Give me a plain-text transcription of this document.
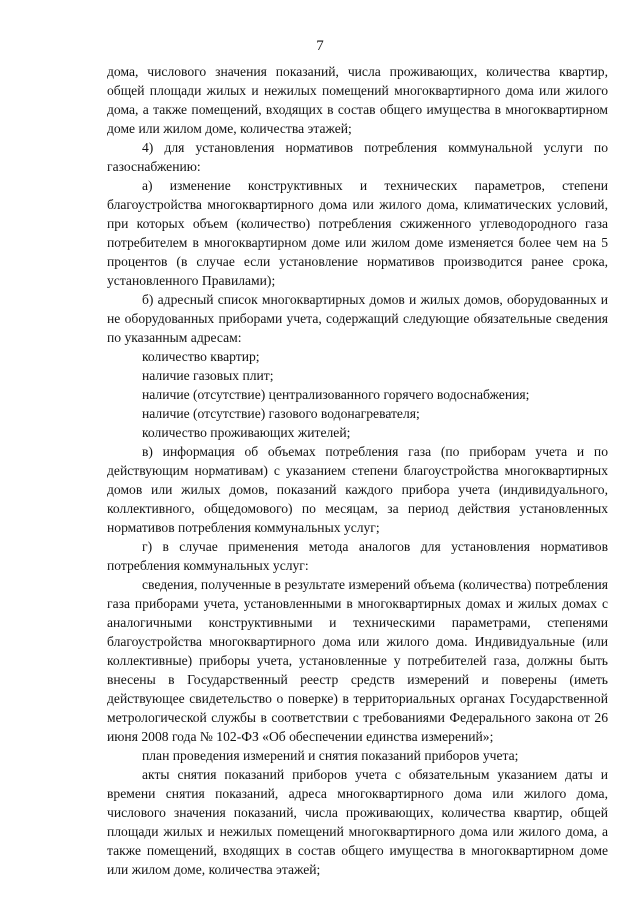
7

дома, числового значения показаний, числа проживающих, количества квартир, общей площади жилых и нежилых помещений многоквартирного дома или жилого дома, а также помещений, входящих в состав общего имущества в многоквартирном доме или жилом доме, количества этажей;

4) для установления нормативов потребления коммунальной услуги по газоснабжению:

а) изменение конструктивных и технических параметров, степени благоустройства многоквартирного дома или жилого дома, климатических условий, при которых объем (количество) потребления сжиженного углеводородного газа потребителем в многоквартирном доме или жилом доме изменяется более чем на 5 процентов (в случае если установление нормативов производится ранее срока, установленного Правилами);

б) адресный список многоквартирных домов и жилых домов, оборудованных и не оборудованных приборами учета, содержащий следующие обязательные сведения по указанным адресам:

количество квартир;

наличие газовых плит;

наличие (отсутствие) централизованного горячего водоснабжения;

наличие (отсутствие) газового водонагревателя;

количество проживающих жителей;

в) информация об объемах потребления газа (по приборам учета и по действующим нормативам) с указанием степени благоустройства многоквартирных домов или жилых домов, показаний каждого прибора учета (индивидуального, коллективного, общедомового) по месяцам, за период действия установленных нормативов потребления коммунальных услуг;

г) в случае применения метода аналогов для установления нормативов потребления коммунальных услуг:

сведения, полученные в результате измерений объема (количества) потребления газа приборами учета, установленными в многоквартирных домах и жилых домах с аналогичными конструктивными и техническими параметрами, степенями благоустройства многоквартирного дома или жилого дома. Индивидуальные (или коллективные) приборы учета, установленные у потребителей газа, должны быть внесены в Государственный реестр средств измерений и поверены (иметь действующее свидетельство о поверке) в территориальных органах Государственной метрологической службы в соответствии с требованиями Федерального закона от 26 июня 2008 года № 102-ФЗ «Об обеспечении единства измерений»;

план проведения измерений и снятия показаний приборов учета;

акты снятия показаний приборов учета с обязательным указанием даты и времени снятия показаний, адреса многоквартирного дома или жилого дома, числового значения показаний, числа проживающих, количества квартир, общей площади жилых и нежилых помещений многоквартирного дома или жилого дома, а также помещений, входящих в состав общего имущества в многоквартирном доме или жилом доме, количества этажей;
